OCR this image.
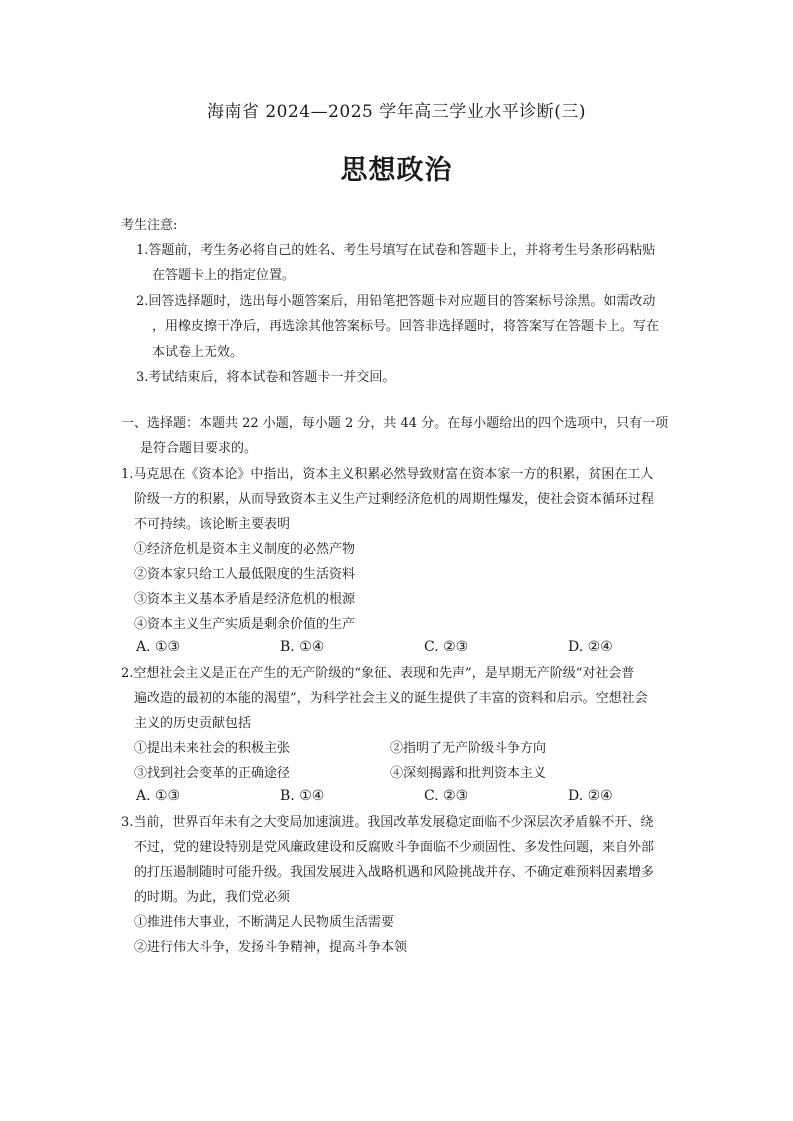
海南省 2024—2025 学年高三学业水平诊断(三)
思想政治
考生注意:
1.答题前，考生务必将自己的姓名、考生号填写在试卷和答题卡上，并将考生号条形码粘贴
在答题卡上的指定位置。
2.回答选择题时，选出每小题答案后，用铅笔把答题卡对应题目的答案标号涂黑。如需改动
，用橡皮擦干净后，再选涂其他答案标号。回答非选择题时，将答案写在答题卡上。写在
本试卷上无效。
3.考试结束后，将本试卷和答题卡一并交回。
一、选择题：本题共 22 小题，每小题 2 分，共 44 分。在每小题给出的四个选项中，只有一项
是符合题目要求的。
1.马克思在《资本论》中指出，资本主义积累必然导致财富在资本家一方的积累，贫困在工人
阶级一方的积累，从而导致资本主义生产过剩经济危机的周期性爆发，使社会资本循环过程
不可持续。该论断主要表明
①经济危机是资本主义制度的必然产物
②资本家只给工人最低限度的生活资料
③资本主义基本矛盾是经济危机的根源
④资本主义生产实质是剩余价值的生产
A. ①③	B. ①④	C. ②③	D. ②④
2.空想社会主义是正在产生的无产阶级的“象征、表现和先声”，是早期无产阶级“对社会普
遍改造的最初的本能的渴望”，为科学社会主义的诞生提供了丰富的资料和启示。空想社会
主义的历史贡献包括
①提出未来社会的积极主张	②指明了无产阶级斗争方向
③找到社会变革的正确途径	④深刻揭露和批判资本主义
A. ①③	B. ①④	C. ②③	D. ②④
3.当前，世界百年未有之大变局加速演进。我国改革发展稳定面临不少深层次矛盾躲不开、绕
不过，党的建设特别是党风廉政建设和反腐败斗争面临不少顽固性、多发性问题，来自外部
的打压遏制随时可能升级。我国发展进入战略机遇和风险挑战并存、不确定难预料因素增多
的时期。为此，我们党必须
①推进伟大事业，不断满足人民物质生活需要
②进行伟大斗争，发扬斗争精神，提高斗争本领
